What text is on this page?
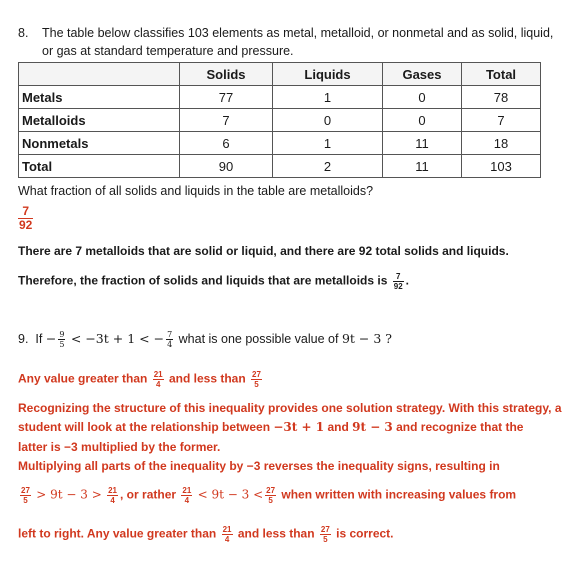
8. The table below classifies 103 elements as metal, metalloid, or nonmetal and as solid, liquid,
or gas at standard temperature and pressure.
	Solids	Liquids	Gases	Total
Metals	77	1	0	78
Metalloids	7	0	0	7
Nonmetals	6	1	11	18
Total	90	2	11	103
What fraction of all solids and liquids in the table are metalloids?
$\frac{7}{92}$
There are 7 metalloids that are solid or liquid, and there are 92 total solids and liquids.
Therefore, the fraction of solids and liquids that are metalloids is $\frac{7}{92}$ .
9. $If - \frac{9}{5} < -3t + 1$ < − $\frac{7}{4}$ what is one possible value of 9t − 3 ?
Any value greater than $\frac{21}{4}$ and less than $\frac{27}{5}$
Recognizing the structure of this inequality provides one solution strategy. With this strategy, a
student will look at the relationship between −3t + 1 and 9t − 3 and recognize that the
latter is −3 multiplied by the former.
Multiplying all parts of the inequality by −3 reverses the inequality signs, resulting in
$\frac{27}{5} > 9t - 3 > \frac{21}{4}$ , or rather $\frac{21}{4} < 9t - 3 < \frac{27}{5}$ when written with increasing values from
left to right. Any value greater than $\frac{21}{4}$ and less than $\frac{27}{5}$ is correct.
